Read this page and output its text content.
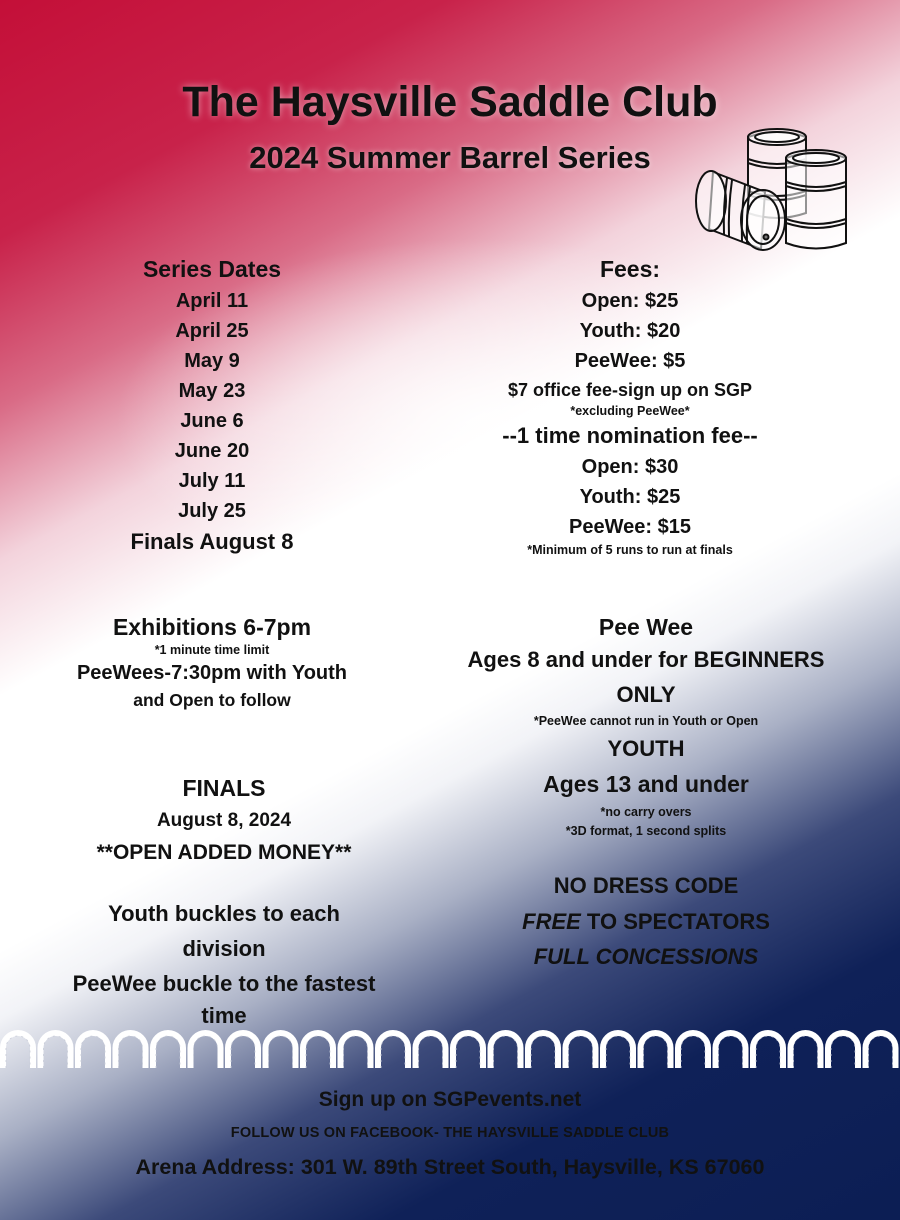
The Haysville Saddle Club
2024 Summer Barrel Series
Series Dates
April 11
April 25
May 9
May 23
June 6
June 20
July 11
July 25
Finals August 8
Fees:
Open: $25
Youth: $20
PeeWee: $5
$7 office fee-sign up on SGP
*excluding PeeWee*
--1 time nomination fee--
Open: $30
Youth: $25
PeeWee: $15
*Minimum of 5 runs to run at finals
Exhibitions 6-7pm
*1 minute time limit
PeeWees-7:30pm with Youth
and Open to follow
Pee Wee
Ages 8 and under for BEGINNERS
ONLY
*PeeWee cannot run in Youth or Open
YOUTH
Ages 13 and under
*no carry overs
*3D format, 1 second splits
FINALS
August 8, 2024
**OPEN ADDED MONEY**
Youth buckles to each
division
PeeWee buckle to the fastest
time
NO DRESS CODE
FREE TO SPECTATORS
FULL CONCESSIONS
Sign up on SGPevents.net
FOLLOW US ON FACEBOOK- THE HAYSVILLE SADDLE CLUB
Arena Address: 301 W. 89th Street South, Haysville, KS 67060
